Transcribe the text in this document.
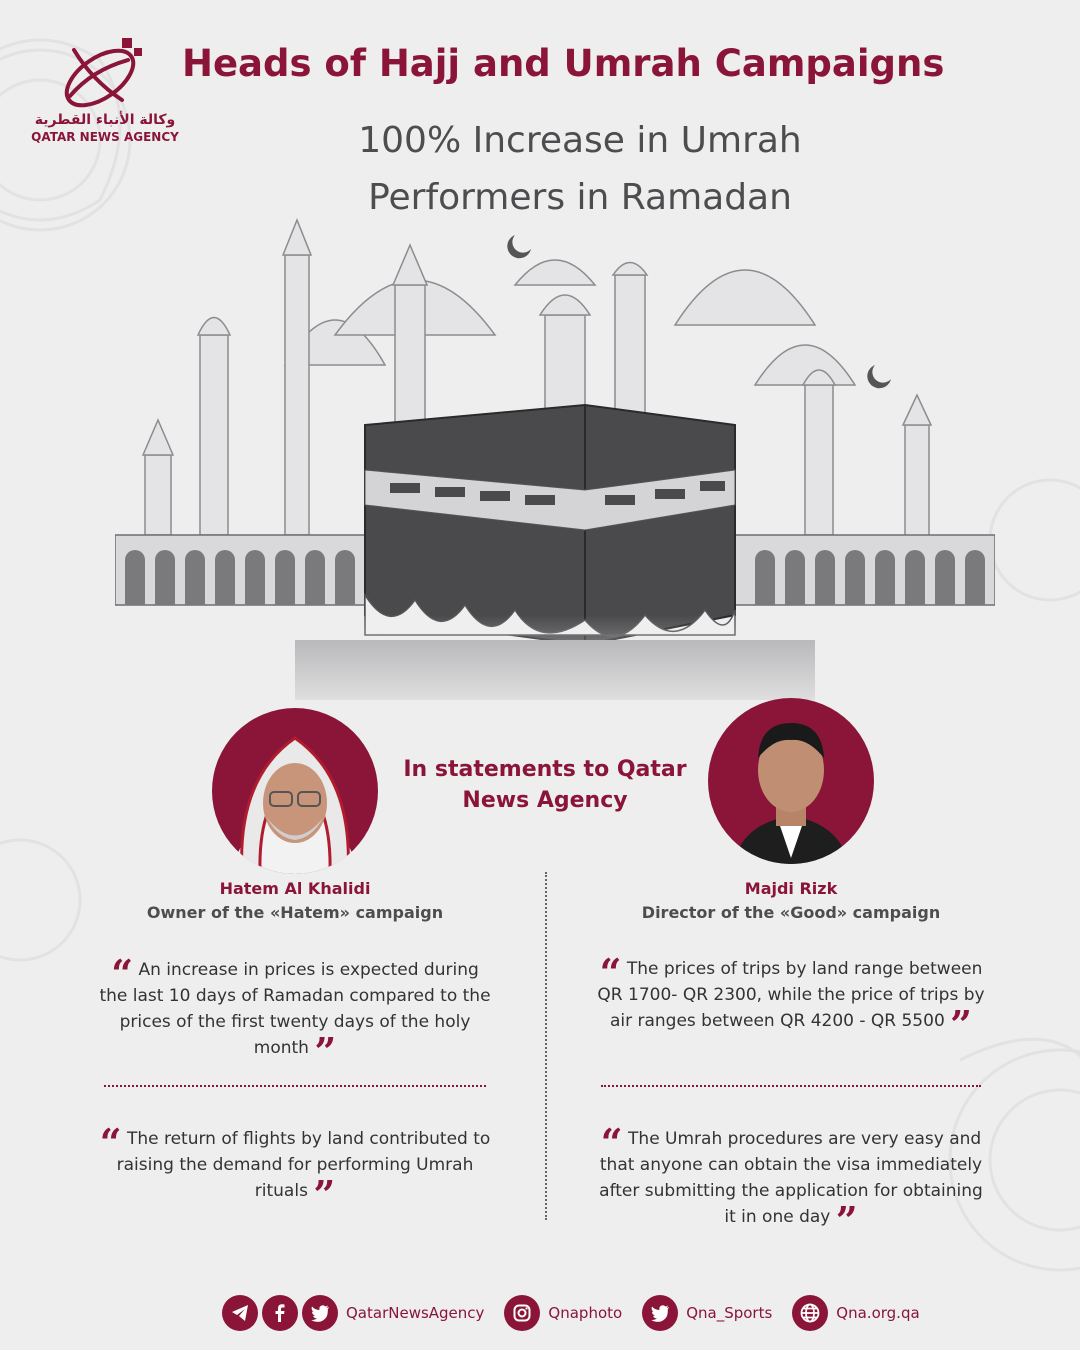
وكالة الأنباء القطرية
QATAR NEWS AGENCY
Heads of Hajj and Umrah Campaigns
100% Increase in Umrah Performers in Ramadan
In statements to Qatar News Agency
Hatem Al Khalidi
Owner of the «Hatem» campaign
“ An increase in prices is expected during the last 10 days of Ramadan compared to the prices of the first twenty days of the holy month ”
“ The return of flights by land contributed to raising the demand for performing Umrah rituals ”
Majdi Rizk
Director of the «Good» campaign
“ The prices of trips by land range between QR 1700- QR 2300, while the price of trips by air ranges between QR 4200 - QR 5500 ”
“ The Umrah procedures are very easy and that anyone can obtain the visa immediately after submitting the application for obtaining it in one day ”
QatarNewsAgency	Qnaphoto	Qna_Sports	Qna.org.qa
